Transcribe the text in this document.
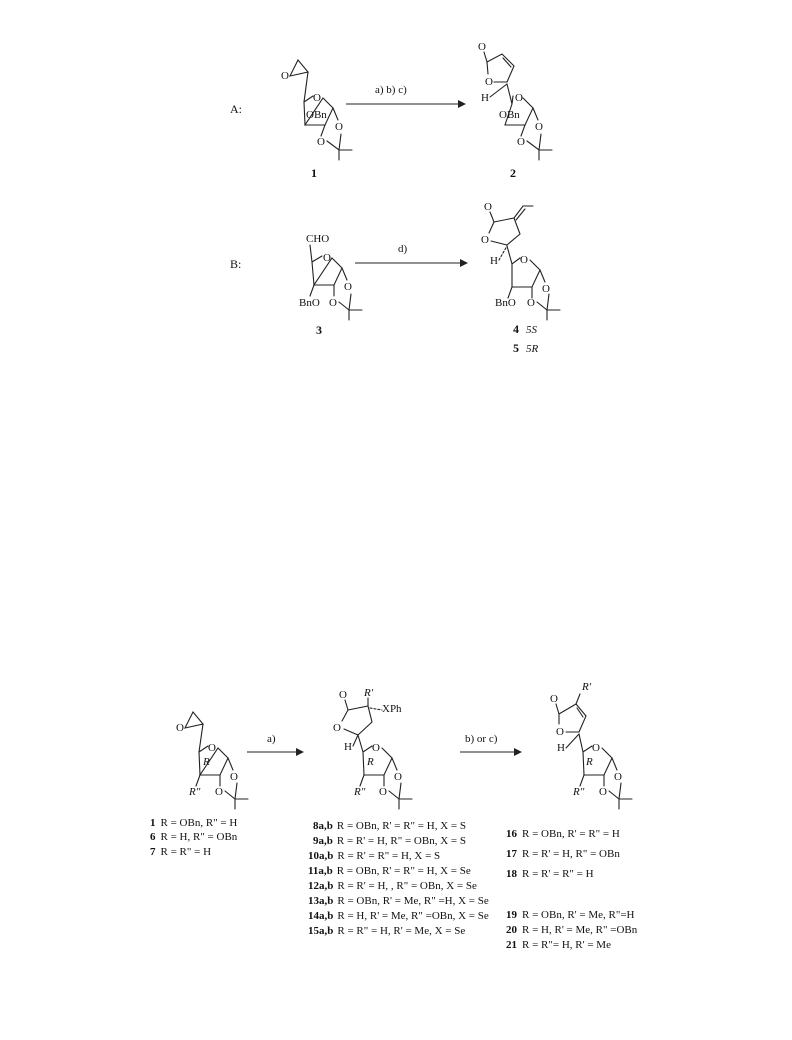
A:
O
O
OBn
O
O
1
a) b) c)
O
O
H O
OBn
O
O
2
B:
CHO
O
O
BnO O
3
d)
O
O
H O
O
BnO O
4 5S
5 5R
O
O
R
O
R" O
a)
O R'
XPh
O
H O
R
O
R" O
b) or c)
O
R'
O
H O
R
O
R" O
1 R = OBn, R" = H
6 R = H, R" = OBn
7 R = R" = H
8a,b R = OBn, R' = R" = H, X = S
9a,b R = R' = H, R" = OBn, X = S
10a,b R = R' = R" = H, X = S
11a,b R = OBn, R' = R" = H, X = Se
12a,b R = R' = H, , R" = OBn, X = Se
13a,b R = OBn, R' = Me, R" =H, X = Se
14a,b R = H, R' = Me, R" =OBn, X = Se
15a,b R = R" = H, R' = Me, X = Se
16 R = OBn, R' = R" = H
17 R = R' = H, R" = OBn
18 R = R' = R" = H
19 R = OBn, R' = Me, R"=H
20 R = H, R' = Me, R" =OBn
21 R = R"= H, R' = Me
